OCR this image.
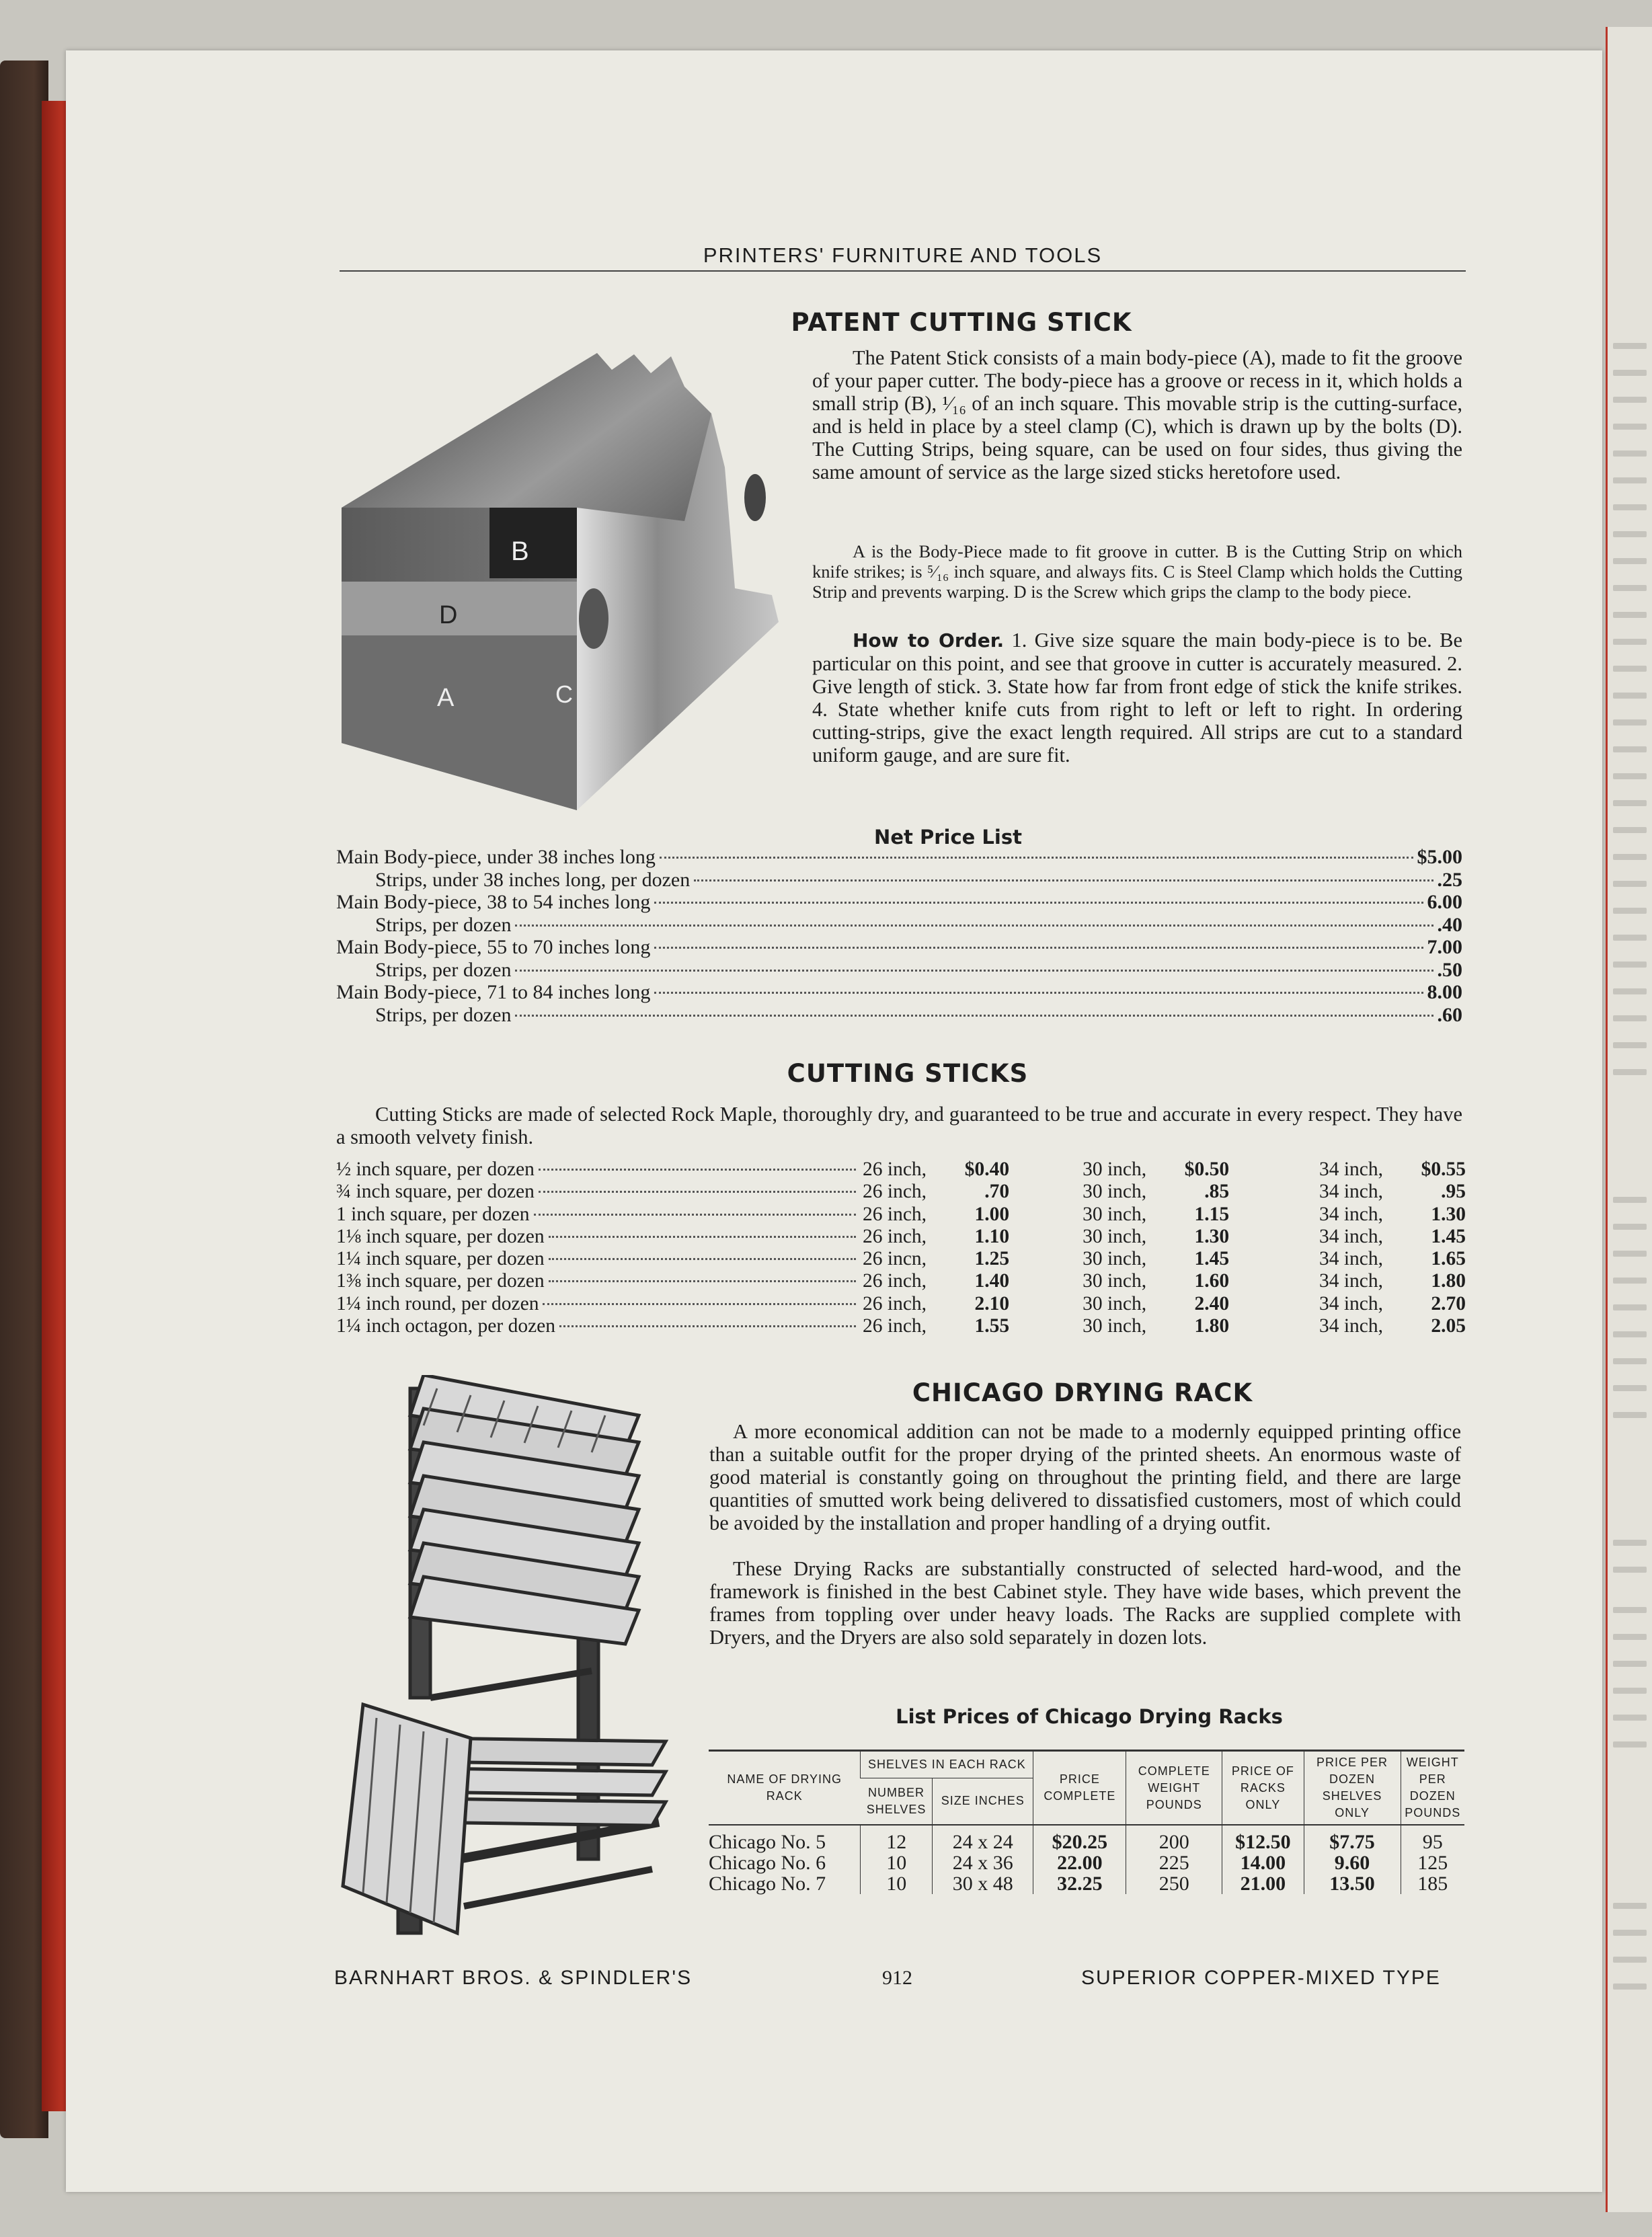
PRINTERS' FURNITURE AND TOOLS
PATENT CUTTING STICK
B
D
A	C
The Patent Stick consists of a main body-piece (A), made to fit the groove of your paper cutter. The body-piece has a groove or recess in it, which holds a small strip (B), ¹⁄₁₆ of an inch square. This movable strip is the cutting-surface, and is held in place by a steel clamp (C), which is drawn up by the bolts (D). The Cutting Strips, being square, can be used on four sides, thus giving the same amount of service as the large sized sticks heretofore used.
A is the Body-Piece made to fit groove in cutter. B is the Cutting Strip on which knife strikes; is ⁵⁄₁₆ inch square, and always fits. C is Steel Clamp which holds the Cutting Strip and prevents warping. D is the Screw which grips the clamp to the body piece.
How to Order. 1. Give size square the main body-piece is to be. Be particular on this point, and see that groove in cutter is accurately measured. 2. Give length of stick. 3. State how far from front edge of stick the knife strikes. 4. State whether knife cuts from right to left or left to right. In ordering cutting-strips, give the exact length required. All strips are cut to a standard uniform gauge, and are sure fit.
Net Price List
Main Body-piece, under 38 inches long	$5.00
Strips, under 38 inches long, per dozen	.25
Main Body-piece, 38 to 54 inches long	6.00
Strips, per dozen	.40
Main Body-piece, 55 to 70 inches long	7.00
Strips, per dozen	.50
Main Body-piece, 71 to 84 inches long	8.00
Strips, per dozen	.60
CUTTING STICKS
Cutting Sticks are made of selected Rock Maple, thoroughly dry, and guaranteed to be true and accurate in every respect. They have a smooth velvety finish.
½ inch square, per dozen	26 inch,	$0.40	30 inch,	$0.50	34 inch,	$0.55
¾ inch square, per dozen	26 inch,	.70	30 inch,	.85	34 inch,	.95
1 inch square, per dozen	26 inch,	1.00	30 inch,	1.15	34 inch,	1.30
1⅛ inch square, per dozen	26 inch,	1.10	30 inch,	1.30	34 inch,	1.45
1¼ inch square, per dozen	26 incn,	1.25	30 inch,	1.45	34 inch,	1.65
1⅜ inch square, per dozen	26 inch,	1.40	30 inch,	1.60	34 inch,	1.80
1¼ inch round, per dozen	26 inch,	2.10	30 inch,	2.40	34 inch,	2.70
1¼ inch octagon, per dozen	26 inch,	1.55	30 inch,	1.80	34 inch,	2.05
CHICAGO DRYING RACK
A more economical addition can not be made to a modernly equipped printing office than a suitable outfit for the proper drying of the printed sheets. An enormous waste of good material is constantly going on throughout the printing field, and there are large quantities of smutted work being delivered to dissatisfied customers, most of which could be avoided by the installation and proper handling of a drying outfit.
These Drying Racks are substantially constructed of selected hard-wood, and the framework is finished in the best Cabinet style. They have wide bases, which prevent the frames from toppling over under heavy loads. The Racks are supplied complete with Dryers, and the Dryers are also sold separately in dozen lots.
List Prices of Chicago Drying Racks
NAME OF DRYING RACK	SHELVES IN EACH RACK		PRICE COMPLETE	COMPLETE WEIGHT POUNDS	PRICE OF RACKS ONLY	PRICE PER DOZEN SHELVES ONLY	WEIGHT PER DOZEN POUNDS
	NUMBER SHELVES	SIZE INCHES					

Chicago No. 5	12	24 x 24	$20.25	200	$12.50	$7.75	95
Chicago No. 6	10	24 x 36	22.00	225	14.00	9.60	125
Chicago No. 7	10	30 x 48	32.25	250	21.00	13.50	185
BARNHART BROS. & SPINDLER'S	912	SUPERIOR COPPER-MIXED TYPE
